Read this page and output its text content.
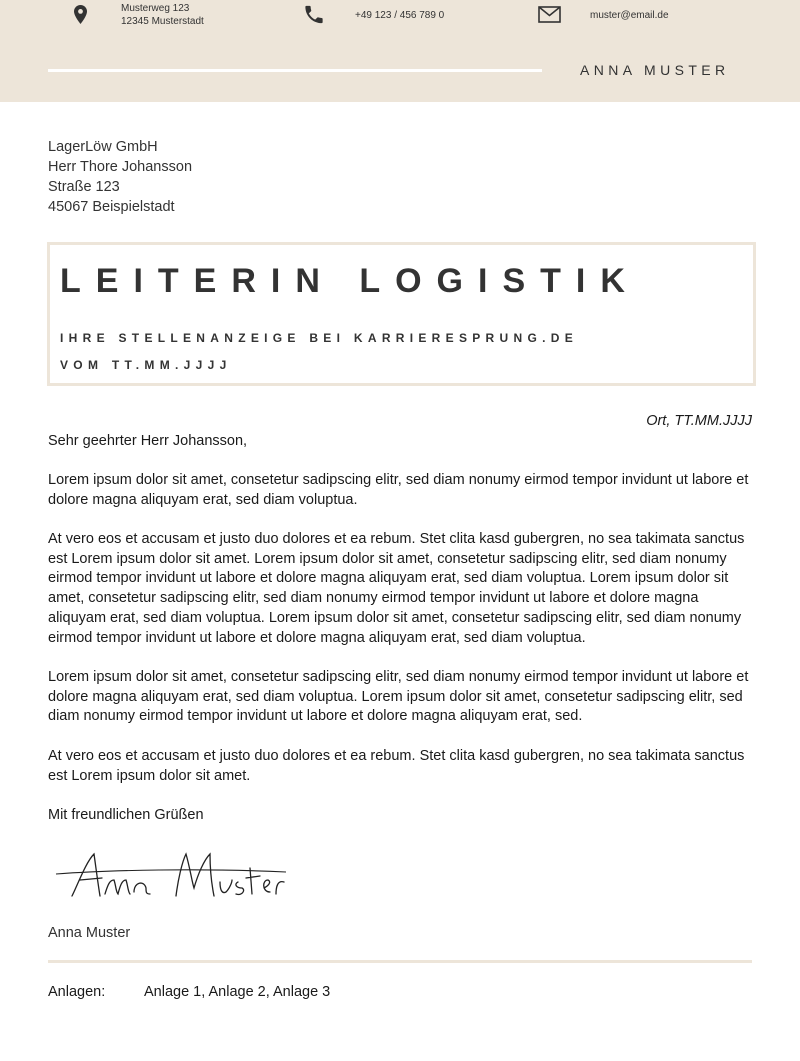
Musterweg 123
12345 Musterstadt
+49 123 / 456 789 0	muster@email.de
ANNA MUSTER
LagerLöw GmbH
Herr Thore Johansson
Straße 123
45067 Beispielstadt
LEITERIN LOGISTIK
IHRE STELLENANZEIGE BEI KARRIERESPRUNG.DE
VOM TT.MM.JJJJ
Ort, TT.MM.JJJJ
Sehr geehrter Herr Johansson,
Lorem ipsum dolor sit amet, consetetur sadipscing elitr, sed diam nonumy eirmod tempor invidunt ut labore et dolore magna aliquyam erat, sed diam voluptua.
At vero eos et accusam et justo duo dolores et ea rebum. Stet clita kasd gubergren, no sea takimata sanctus est Lorem ipsum dolor sit amet. Lorem ipsum dolor sit amet, consetetur sadipscing elitr, sed diam nonumy eirmod tempor invidunt ut labore et dolore magna aliquyam erat, sed diam voluptua. Lorem ipsum dolor sit amet, consetetur sadipscing elitr, sed diam nonumy eirmod tempor invidunt ut labore et dolore magna aliquyam erat, sed diam voluptua. Lorem ipsum dolor sit amet, consetetur sadipscing elitr, sed diam nonumy eirmod tempor invidunt ut labore et dolore magna aliquyam erat, sed diam voluptua.
Lorem ipsum dolor sit amet, consetetur sadipscing elitr, sed diam nonumy eirmod tempor invidunt ut labore et dolore magna aliquyam erat, sed diam voluptua. Lorem ipsum dolor sit amet, consetetur sadipscing elitr, sed diam nonumy eirmod tempor invidunt ut labore et dolore magna aliquyam erat, sed.
At vero eos et accusam et justo duo dolores et ea rebum. Stet clita kasd gubergren, no sea takimata sanctus est Lorem ipsum dolor sit amet.
Mit freundlichen Grüßen
Anna Muster
Anna Muster
Anlagen:	Anlage 1, Anlage 2, Anlage 3
